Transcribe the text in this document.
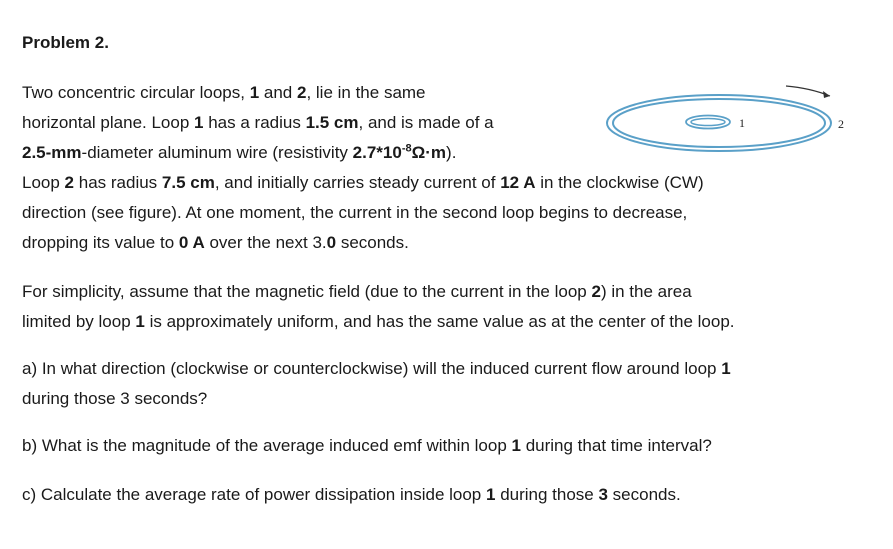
Problem 2.
Two concentric circular loops, 1 and 2, lie in the same
horizontal plane. Loop 1 has a radius 1.5 cm, and is made of a
2.5-mm-diameter aluminum wire (resistivity $2.7*10^{-8}\Omega\cdot m$).
Loop 2 has radius 7.5 cm, and initially carries steady current of 12 A in the clockwise (CW)
direction (see figure). At one moment, the current in the second loop begins to decrease,
dropping its value to 0 A over the next 3.0 seconds.
For simplicity, assume that the magnetic field (due to the current in the loop 2) in the area
limited by loop 1 is approximately uniform, and has the same value as at the center of the loop.
a) In what direction (clockwise or counterclockwise) will the induced current flow around loop 1
during those 3 seconds?
b) What is the magnitude of the average induced emf within loop 1 during that time interval?
c) Calculate the average rate of power dissipation inside loop 1 during those 3 seconds.
1	2
